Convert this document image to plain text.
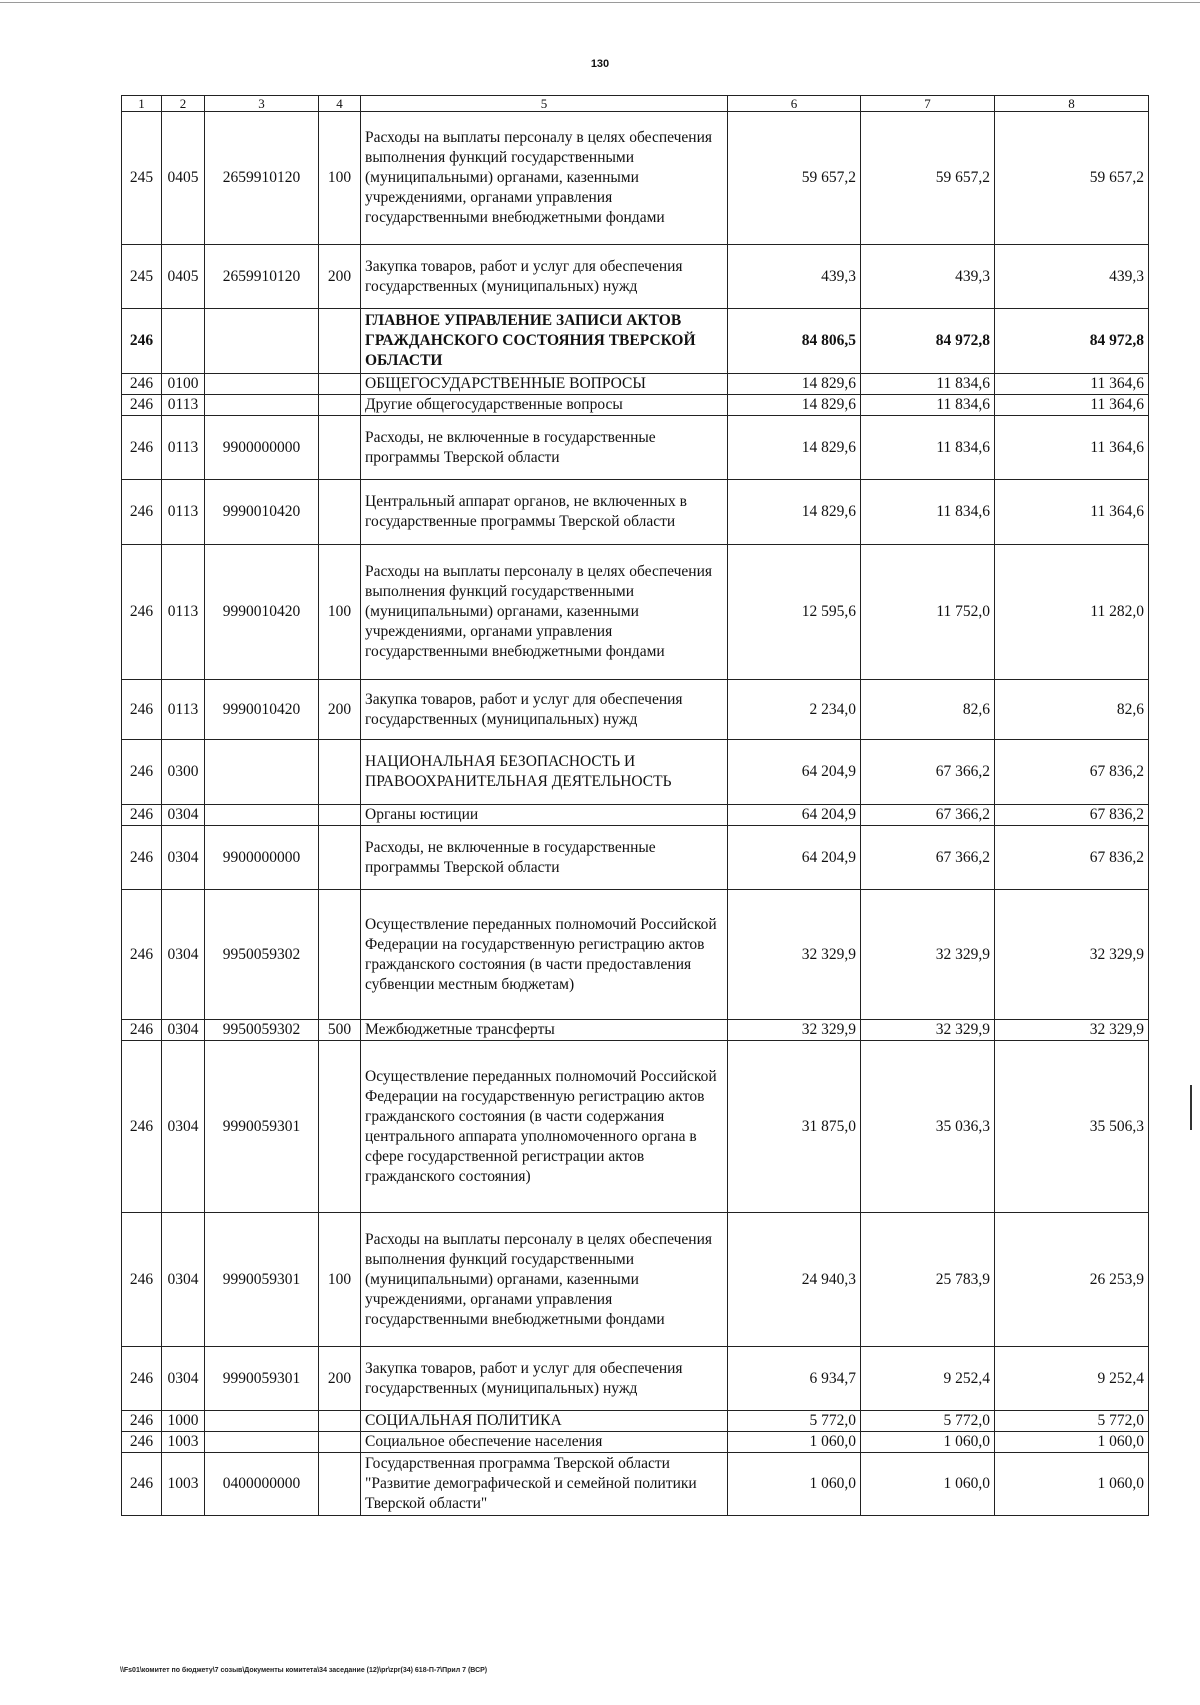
130
1	2	3	4	5	6	7	8
245	0405	2659910120	100	Расходы на выплаты персоналу в целях обеспечения выполнения функций государственными (муниципальными) органами, казенными учреждениями, органами управления государственными внебюджетными фондами	59 657,2	59 657,2	59 657,2
245	0405	2659910120	200	Закупка товаров, работ и услуг для обеспечения государственных (муниципальных) нужд	439,3	439,3	439,3
246				ГЛАВНОЕ УПРАВЛЕНИЕ ЗАПИСИ АКТОВ ГРАЖДАНСКОГО СОСТОЯНИЯ ТВЕРСКОЙ ОБЛАСТИ	84 806,5	84 972,8	84 972,8
246	0100			ОБЩЕГОСУДАРСТВЕННЫЕ ВОПРОСЫ	14 829,6	11 834,6	11 364,6
246	0113			Другие общегосударственные вопросы	14 829,6	11 834,6	11 364,6
246	0113	9900000000		Расходы, не включенные в государственные программы Тверской области	14 829,6	11 834,6	11 364,6
246	0113	9990010420		Центральный аппарат органов, не включенных в государственные программы Тверской области	14 829,6	11 834,6	11 364,6
246	0113	9990010420	100	Расходы на выплаты персоналу в целях обеспечения выполнения функций государственными (муниципальными) органами, казенными учреждениями, органами управления государственными внебюджетными фондами	12 595,6	11 752,0	11 282,0
246	0113	9990010420	200	Закупка товаров, работ и услуг для обеспечения государственных (муниципальных) нужд	2 234,0	82,6	82,6
246	0300			НАЦИОНАЛЬНАЯ БЕЗОПАСНОСТЬ И ПРАВООХРАНИТЕЛЬНАЯ ДЕЯТЕЛЬНОСТЬ	64 204,9	67 366,2	67 836,2
246	0304			Органы юстиции	64 204,9	67 366,2	67 836,2
246	0304	9900000000		Расходы, не включенные в государственные программы Тверской области	64 204,9	67 366,2	67 836,2
246	0304	9950059302		Осуществление переданных полномочий Российской Федерации на государственную регистрацию актов гражданского состояния (в части предоставления субвенции местным бюджетам)	32 329,9	32 329,9	32 329,9
246	0304	9950059302	500	Межбюджетные трансферты	32 329,9	32 329,9	32 329,9
246	0304	9990059301		Осуществление переданных полномочий Российской Федерации на государственную регистрацию актов гражданского состояния (в части содержания центрального аппарата уполномоченного органа в сфере государственной регистрации актов гражданского состояния)	31 875,0	35 036,3	35 506,3
246	0304	9990059301	100	Расходы на выплаты персоналу в целях обеспечения выполнения функций государственными (муниципальными) органами, казенными учреждениями, органами управления государственными внебюджетными фондами	24 940,3	25 783,9	26 253,9
246	0304	9990059301	200	Закупка товаров, работ и услуг для обеспечения государственных (муниципальных) нужд	6 934,7	9 252,4	9 252,4
246	1000			СОЦИАЛЬНАЯ ПОЛИТИКА	5 772,0	5 772,0	5 772,0
246	1003			Социальное обеспечение населения	1 060,0	1 060,0	1 060,0
246	1003	0400000000		Государственная программа Тверской области "Развитие демографической и семейной политики Тверской области"	1 060,0	1 060,0	1 060,0
\\Fs01\комитет по бюджету\7 созыв\Документы комитета\34 заседание (12)\pr\zpr(34) 618-П-7\Прил 7 (ВСР)
